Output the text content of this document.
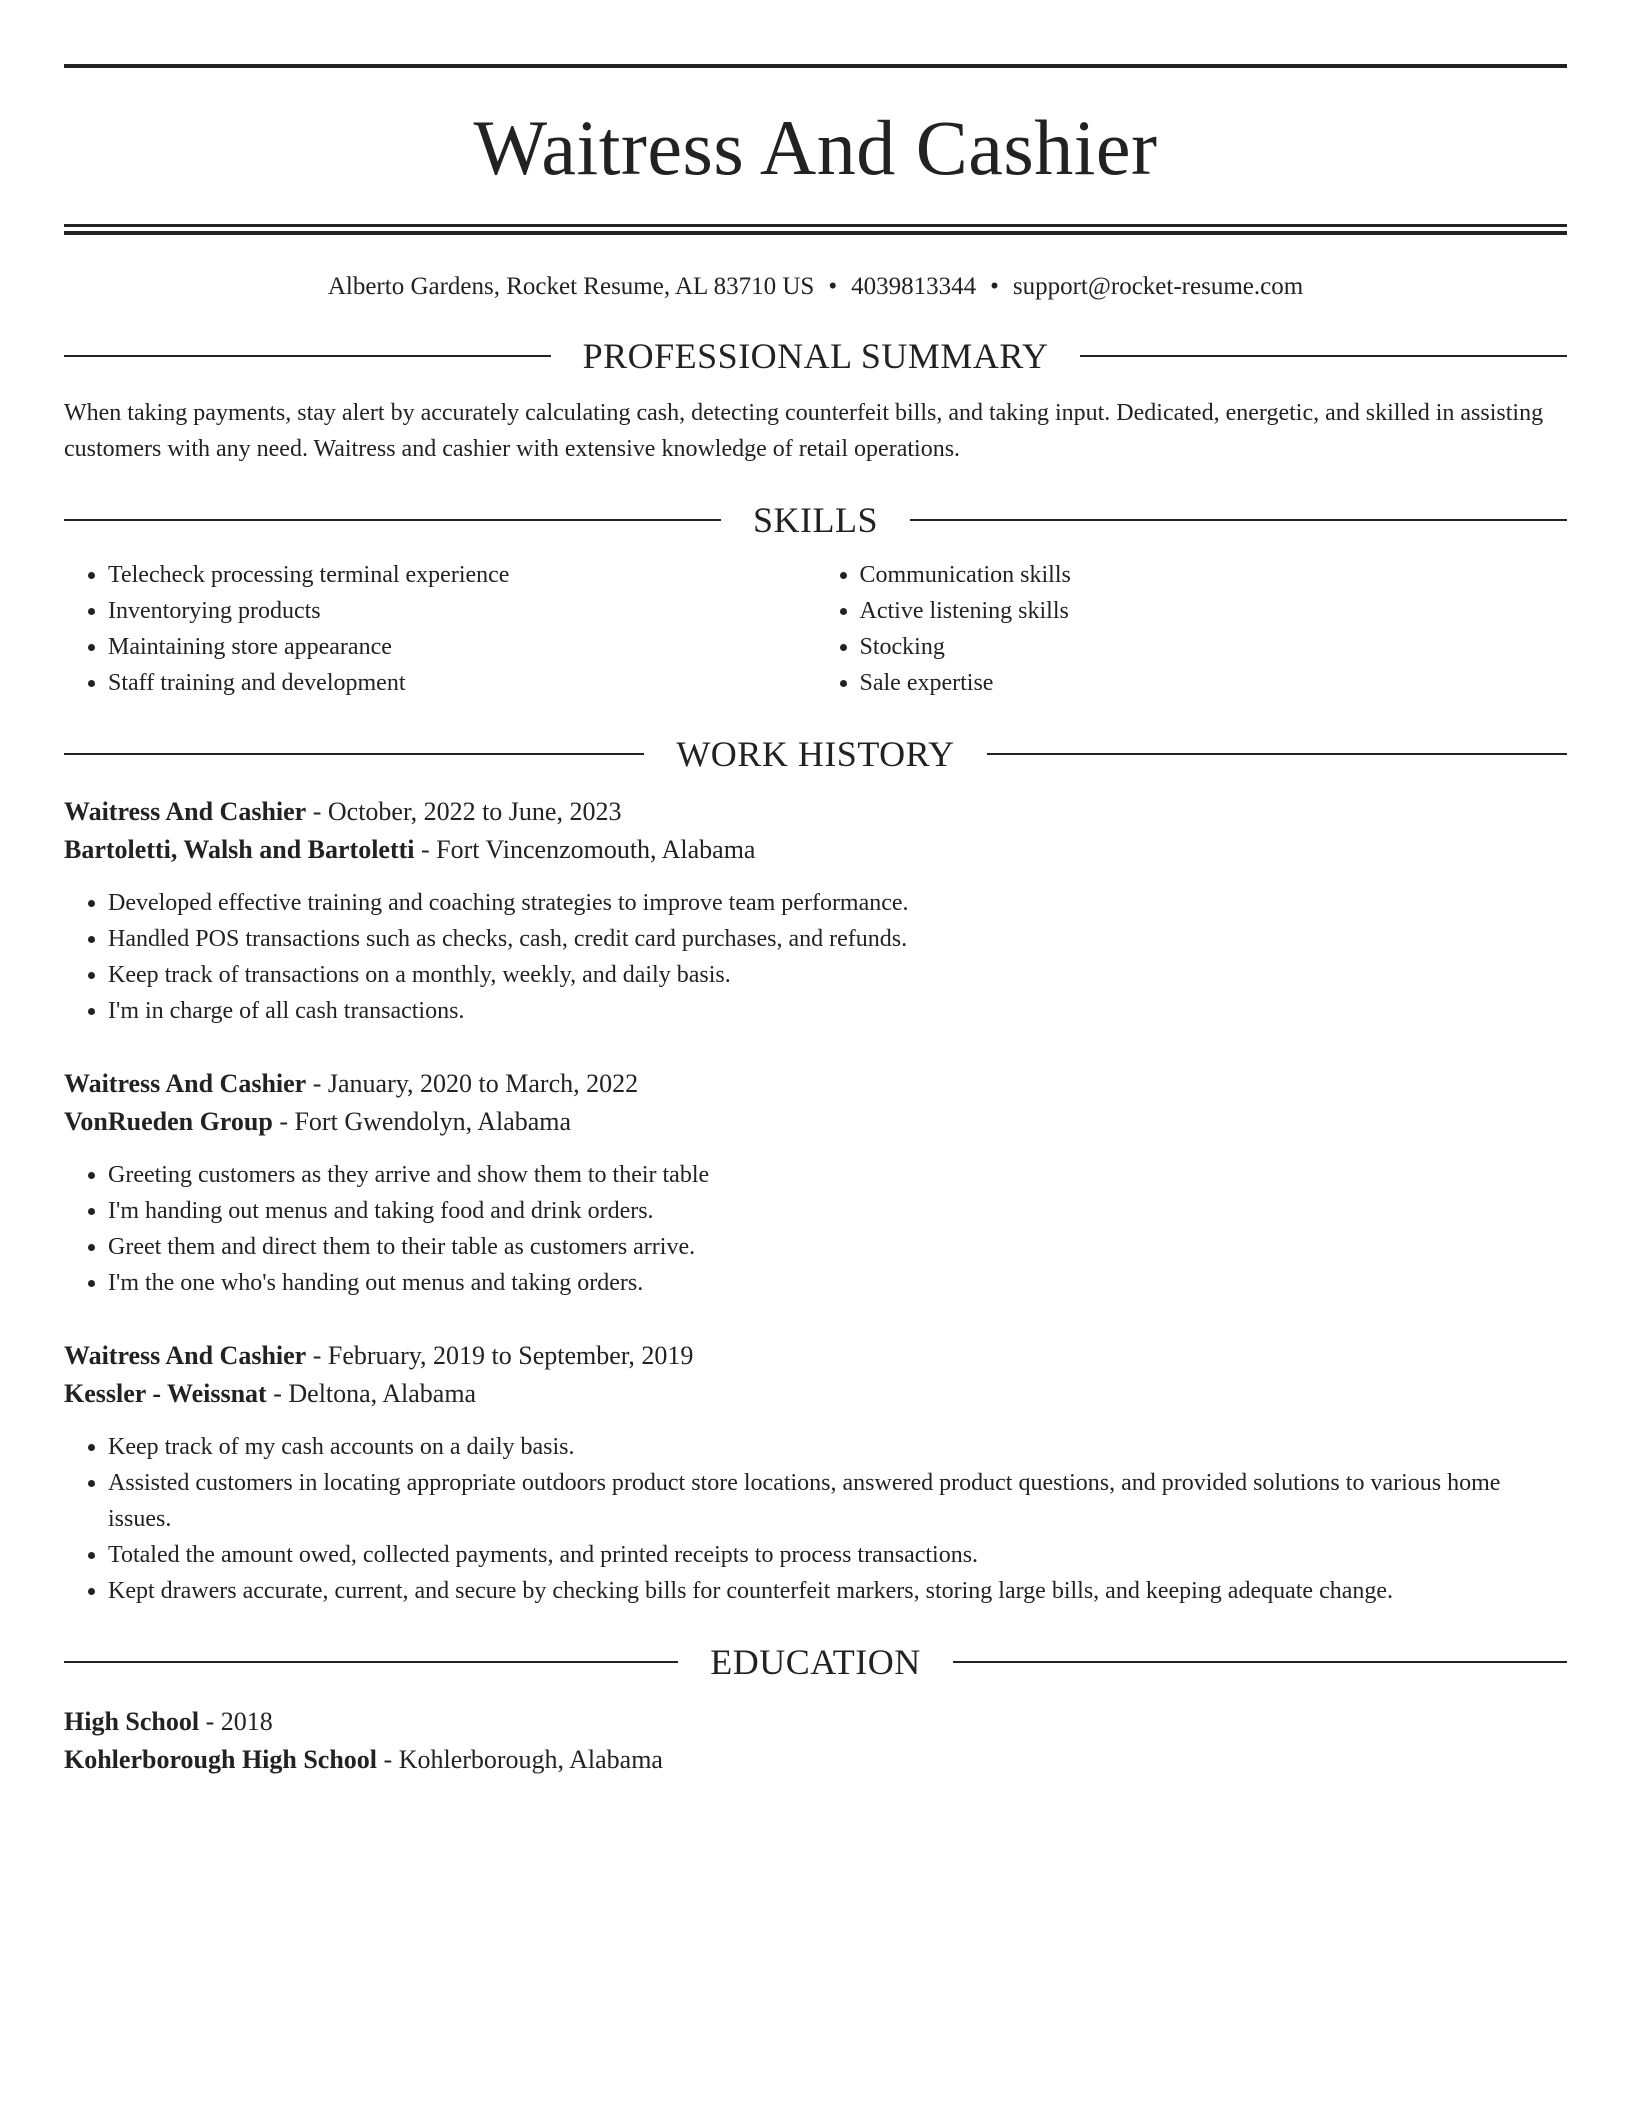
Waitress And Cashier
Alberto Gardens, Rocket Resume, AL 83710 US • 4039813344 • support@rocket-resume.com
PROFESSIONAL SUMMARY
When taking payments, stay alert by accurately calculating cash, detecting counterfeit bills, and taking input. Dedicated, energetic, and skilled in assisting customers with any need. Waitress and cashier with extensive knowledge of retail operations.
SKILLS
• Telecheck processing terminal experience
• Inventorying products
• Maintaining store appearance
• Staff training and development
• Communication skills
• Active listening skills
• Stocking
• Sale expertise
WORK HISTORY
Waitress And Cashier - October, 2022 to June, 2023
Bartoletti, Walsh and Bartoletti - Fort Vincenzomouth, Alabama
• Developed effective training and coaching strategies to improve team performance.
• Handled POS transactions such as checks, cash, credit card purchases, and refunds.
• Keep track of transactions on a monthly, weekly, and daily basis.
• I'm in charge of all cash transactions.
Waitress And Cashier - January, 2020 to March, 2022
VonRueden Group - Fort Gwendolyn, Alabama
• Greeting customers as they arrive and show them to their table
• I'm handing out menus and taking food and drink orders.
• Greet them and direct them to their table as customers arrive.
• I'm the one who's handing out menus and taking orders.
Waitress And Cashier - February, 2019 to September, 2019
Kessler - Weissnat - Deltona, Alabama
• Keep track of my cash accounts on a daily basis.
• Assisted customers in locating appropriate outdoors product store locations, answered product questions, and provided solutions to various home issues.
• Totaled the amount owed, collected payments, and printed receipts to process transactions.
• Kept drawers accurate, current, and secure by checking bills for counterfeit markers, storing large bills, and keeping adequate change.
EDUCATION
High School - 2018
Kohlerborough High School - Kohlerborough, Alabama
